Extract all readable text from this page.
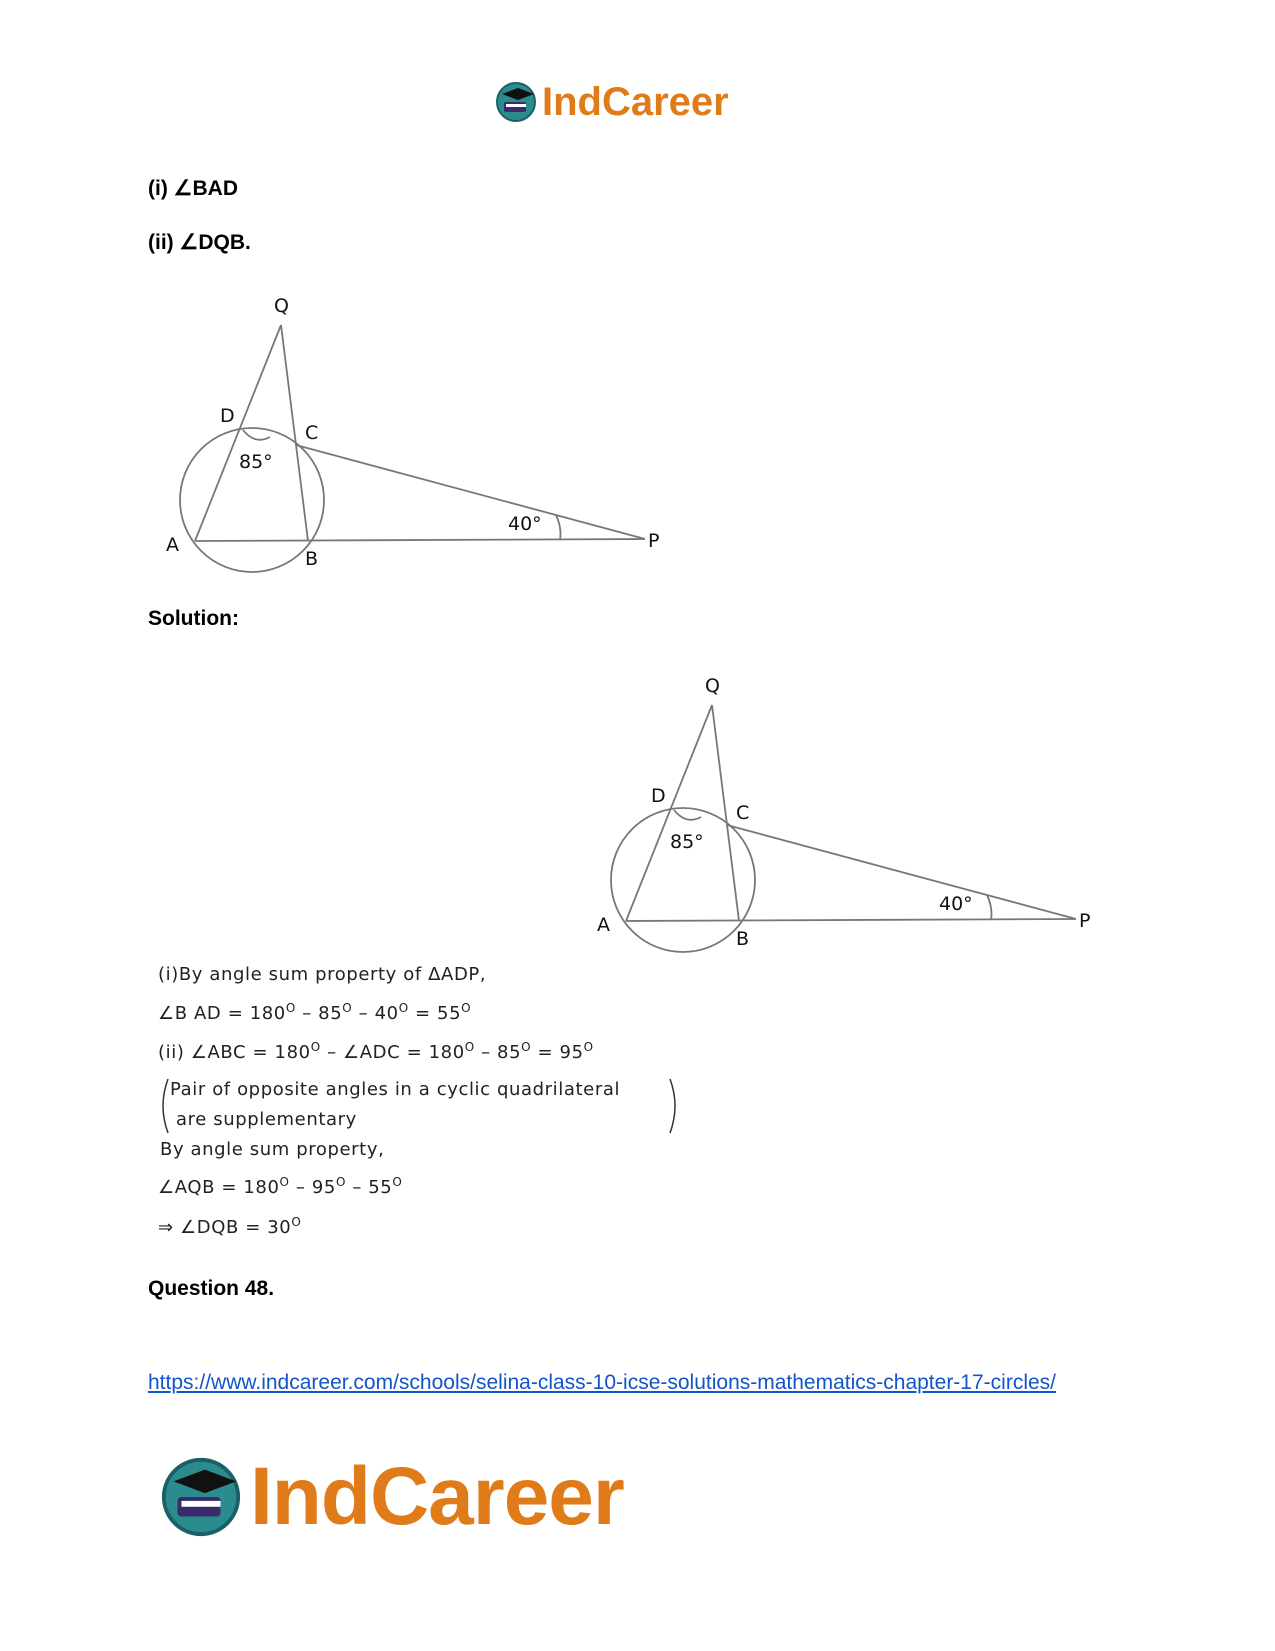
IndCareer
(i) ∠BAD
(ii) ∠DQB.
Q
D
C
A
B
P
85°
40°
Solution:
Q
D
C
A
B
P
85°
40°
(i)By angle sum property of ΔADP,
∠B AD = $180^O - 85^O - 40^O = 55^O$
(ii) ∠ABC = $180^O$ – ∠ADC = $180^O - 85^O = 95^O$
Pair of opposite angles in a cyclic quadrilateral
are supplementary
By angle sum property,
∠AQB = $180^O - 95^O - 55^O$
⇒ ∠DQB = $30^O$
Question 48.
https://www.indcareer.com/schools/selina-class-10-icse-solutions-mathematics-chapter-17-circles/
IndCareer
